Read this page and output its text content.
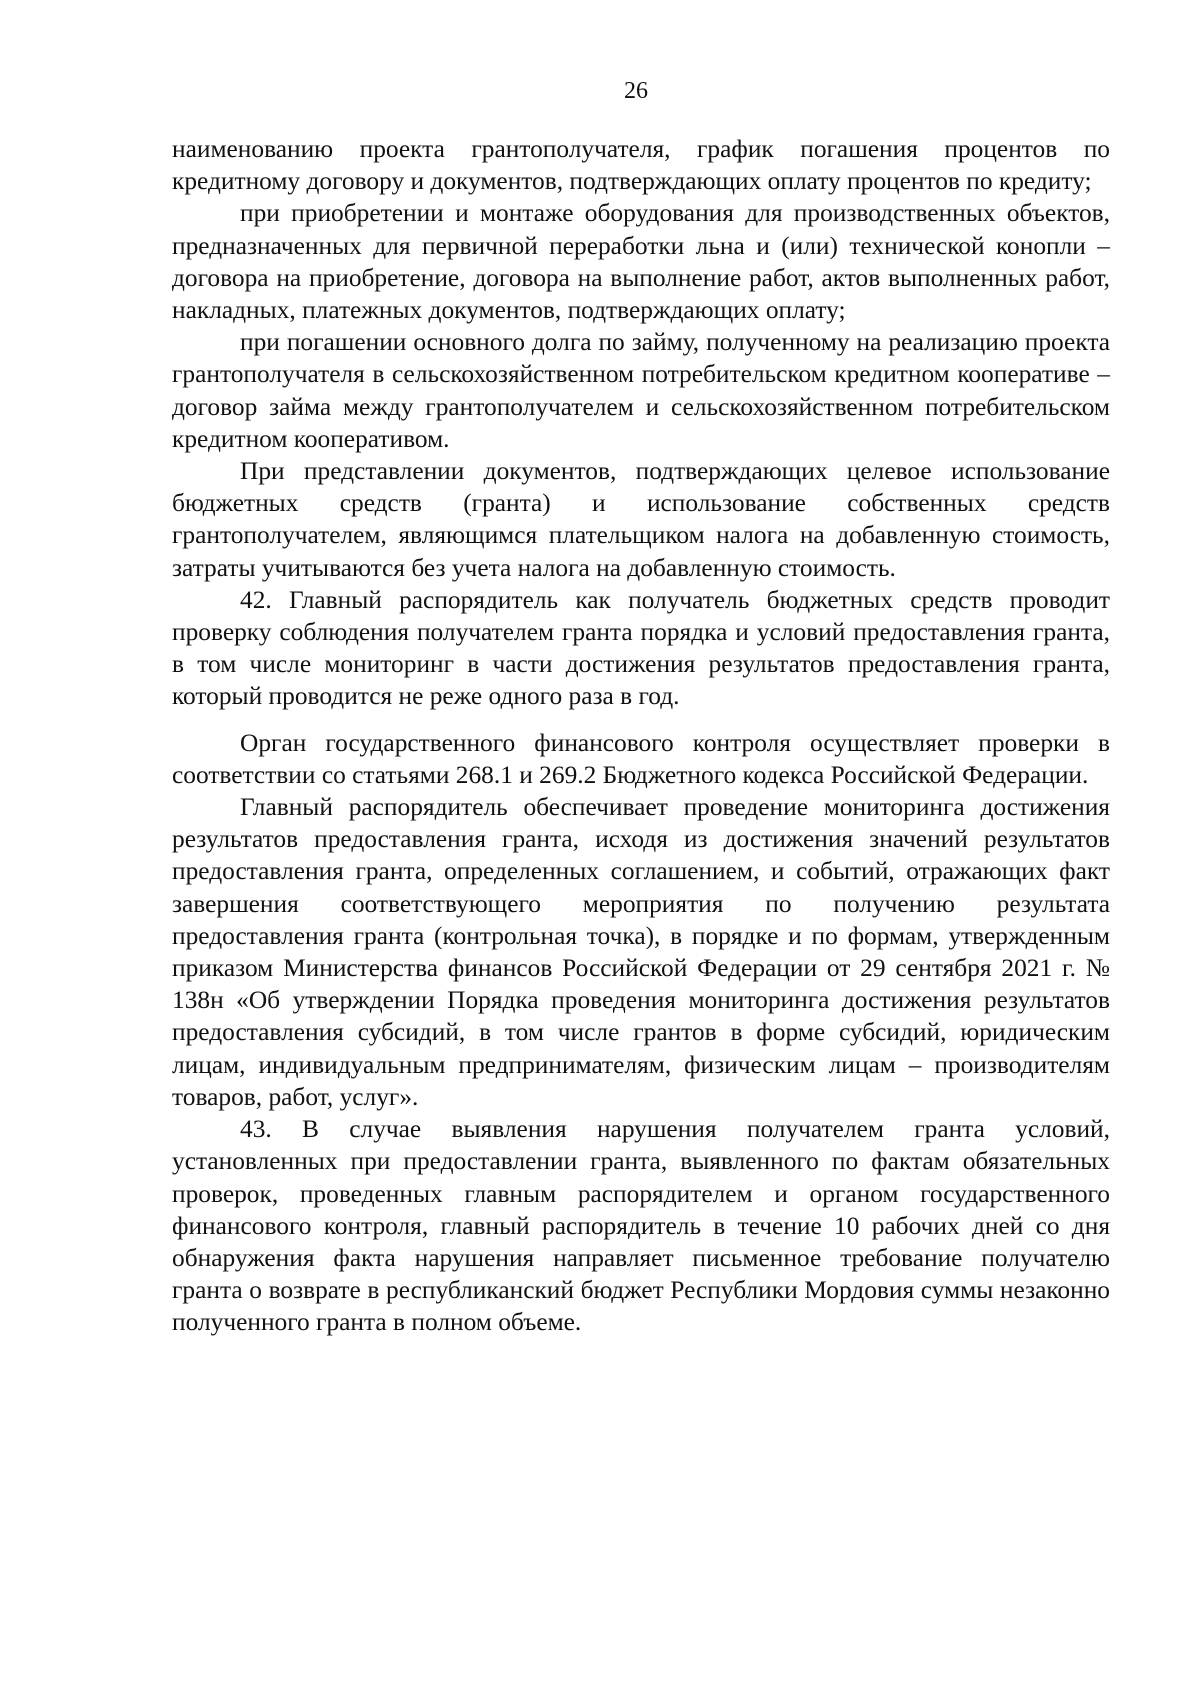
26

наименованию проекта грантополучателя, график погашения процентов по кредитному договору и документов, подтверждающих оплату процентов по кредиту;

при приобретении и монтаже оборудования для производственных объектов, предназначенных для первичной переработки льна и (или) технической конопли – договора на приобретение, договора на выполнение работ, актов выполненных работ, накладных, платежных документов, подтверждающих оплату;

при погашении основного долга по займу, полученному на реализацию проекта грантополучателя в сельскохозяйственном потребительском кредитном кооперативе – договор займа между грантополучателем и сельскохозяйственном потребительском кредитном кооперативом.

При представлении документов, подтверждающих целевое использование бюджетных средств (гранта) и использование собственных средств грантополучателем, являющимся плательщиком налога на добавленную стоимость, затраты учитываются без учета налога на добавленную стоимость.

42. Главный распорядитель как получатель бюджетных средств проводит проверку соблюдения получателем гранта порядка и условий предоставления гранта, в том числе мониторинг в части достижения результатов предоставления гранта, который проводится не реже одного раза в год.

Орган государственного финансового контроля осуществляет проверки в соответствии со статьями 268.1 и 269.2 Бюджетного кодекса Российской Федерации.

Главный распорядитель обеспечивает проведение мониторинга достижения результатов предоставления гранта, исходя из достижения значений результатов предоставления гранта, определенных соглашением, и событий, отражающих факт завершения соответствующего мероприятия по получению результата предоставления гранта (контрольная точка), в порядке и по формам, утвержденным приказом Министерства финансов Российской Федерации от 29 сентября 2021 г. № 138н «Об утверждении Порядка проведения мониторинга достижения результатов предоставления субсидий, в том числе грантов в форме субсидий, юридическим лицам, индивидуальным предпринимателям, физическим лицам – производителям товаров, работ, услуг».

43. В случае выявления нарушения получателем гранта условий, установленных при предоставлении гранта, выявленного по фактам обязательных проверок, проведенных главным распорядителем и органом государственного финансового контроля, главный распорядитель в течение 10 рабочих дней со дня обнаружения факта нарушения направляет письменное требование получателю гранта о возврате в республиканский бюджет Республики Мордовия суммы незаконно полученного гранта в полном объеме.
